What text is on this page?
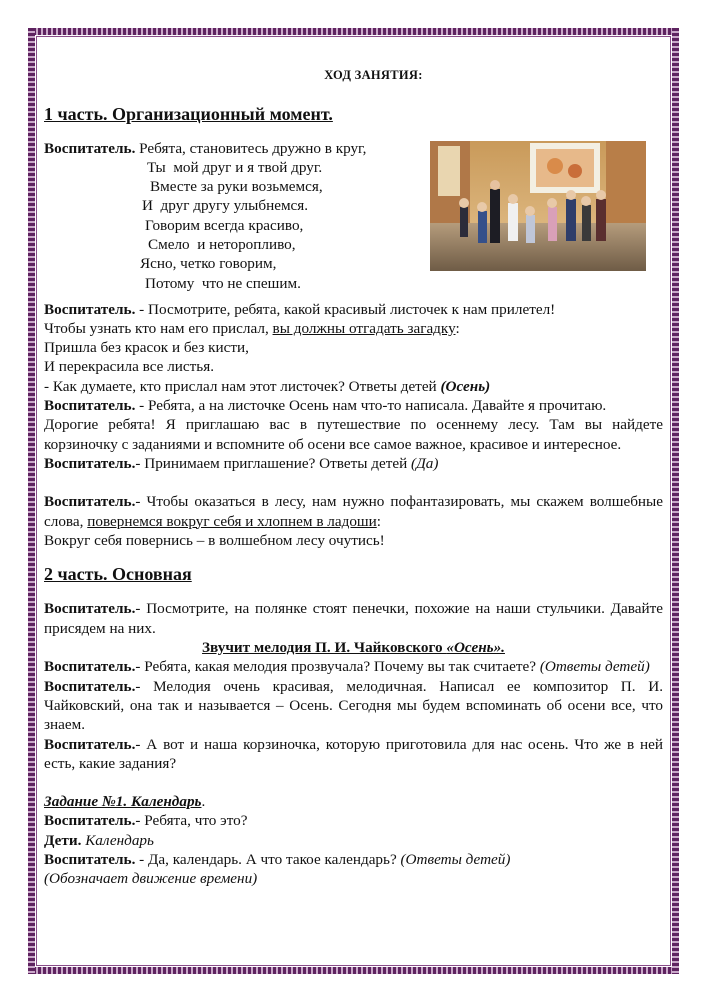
ХОД ЗАНЯТИЯ:

1 часть. Организационный момент.
Воспитатель. Ребята, становитесь дружно в круг,
Ты  мой друг и я твой друг.
Вместе за руки возьмемся,
И  друг другу улыбнемся.
Говорим всегда красиво,
Смело  и неторопливо,
Ясно, четко говорим,
Потому  что не спешим.

Воспитатель. - Посмотрите, ребята, какой красивый листочек к нам прилетел!

Чтобы узнать кто нам его прислал, вы должны отгадать загадку:

Пришла без красок и без кисти,

И перекрасила все листья.

- Как думаете, кто прислал нам этот листочек? Ответы детей (Осень)

Воспитатель. - Ребята, а на листочке Осень нам что-то написала. Давайте я прочитаю.

Дорогие ребята! Я приглашаю вас в путешествие по осеннему лесу. Там вы найдете корзиночку с заданиями и вспомните об осени все самое важное, красивое и интересное.

Воспитатель.- Принимаем приглашение? Ответы детей (Да)

Воспитатель.- Чтобы оказаться в лесу, нам нужно пофантазировать, мы скажем волшебные слова, повернемся вокруг себя и хлопнем в ладоши:

Вокруг себя повернись – в волшебном лесу очутись!

2 часть. Основная

Воспитатель.- Посмотрите, на полянке стоят пенечки, похожие на наши стульчики. Давайте присядем на них.

Звучит мелодия П. И. Чайковского «Осень».

Воспитатель.- Ребята, какая мелодия прозвучала? Почему вы так считаете? (Ответы детей)

Воспитатель.- Мелодия очень красивая, мелодичная. Написал ее композитор П. И. Чайковский, она так и называется – Осень. Сегодня мы будем вспоминать об осени все, что знаем.

Воспитатель.- А вот и наша корзиночка, которую приготовила для нас осень. Что же в ней есть, какие задания?

Задание №1. Календарь.

Воспитатель.- Ребята, что это?

Дети. Календарь

Воспитатель. - Да, календарь. А что такое календарь? (Ответы детей)

(Обозначает движение времени)
